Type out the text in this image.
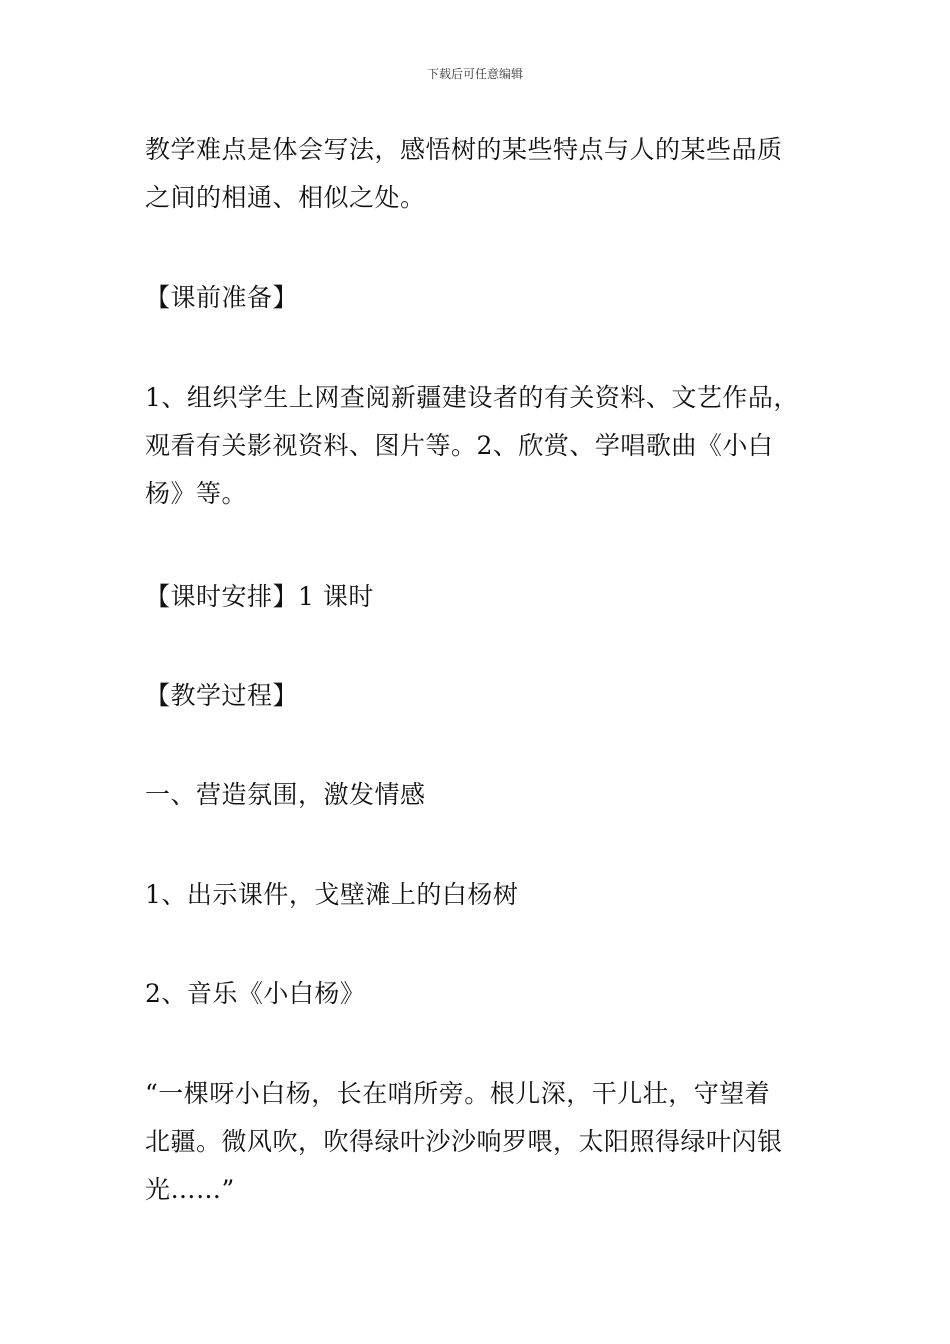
下载后可任意编辑

教学难点是体会写法，感悟树的某些特点与人的某些品质
之间的相通、相似之处。

【课前准备】

1、组织学生上网查阅新疆建设者的有关资料、文艺作品，
观看有关影视资料、图片等。2、欣赏、学唱歌曲《小白
杨》等。

【课时安排】1 课时

【教学过程】

一、营造氛围，激发情感

1、出示课件，戈壁滩上的白杨树

2、音乐《小白杨》

“一棵呀小白杨，长在哨所旁。根儿深，干儿壮，守望着
北疆。微风吹，吹得绿叶沙沙响罗喂，太阳照得绿叶闪银
光……”
